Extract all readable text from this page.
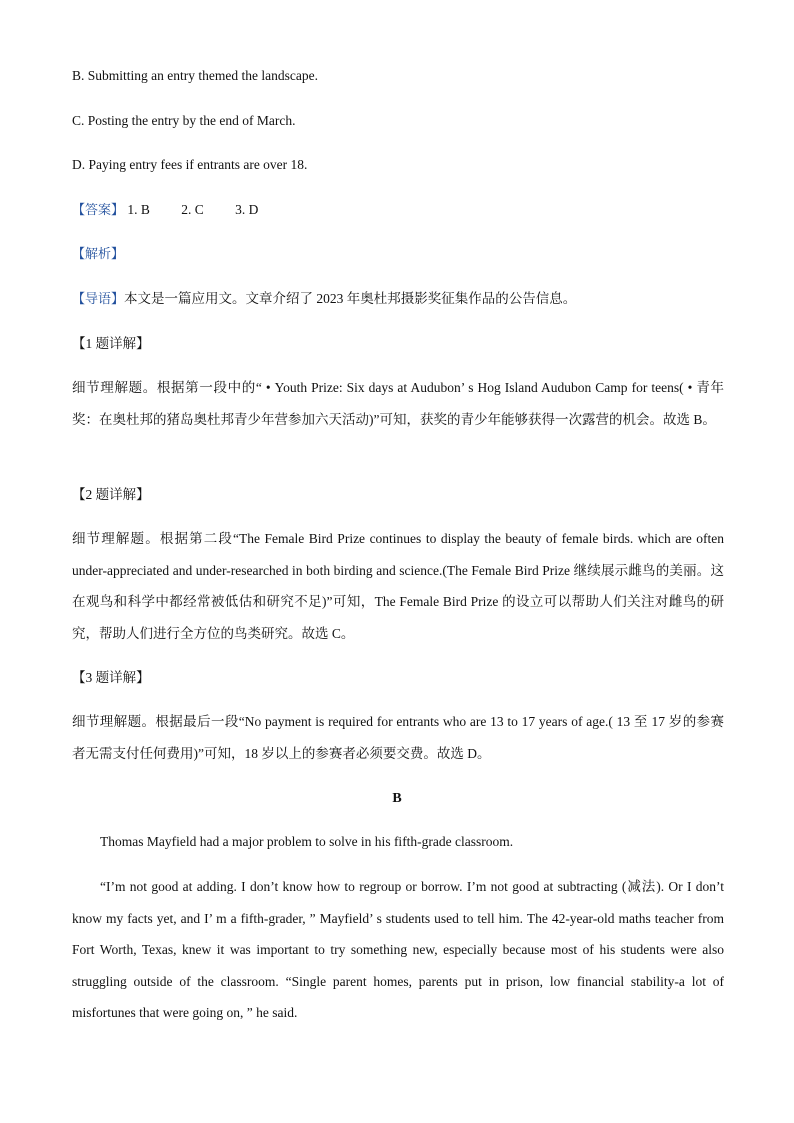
B. Submitting an entry themed the landscape.
C. Posting the entry by the end of March.
D. Paying entry fees if entrants are over 18.
【答案】 1. B 2. C 3. D
【解析】
【导语】本文是一篇应用文。文章介绍了 2023 年奥杜邦摄影奖征集作品的公告信息。
【1 题详解】
细节理解题。根据第一段中的“ • Youth Prize: Six days at Audubon’ s Hog Island Audubon Camp for teens( • 青年奖：在奥杜邦的猪岛奥杜邦青少年营参加六天活动)”可知，获奖的青少年能够获得一次露营的机会。故选 B。
【2 题详解】
细节理解题。根据第二段“The Female Bird Prize continues to display the beauty of female birds. which are often under-appreciated and under-researched in both birding and science.(The Female Bird Prize 继续展示雌鸟的美丽。这在观鸟和科学中都经常被低估和研究不足)”可知，The Female Bird Prize 的设立可以帮助人们关注对雌鸟的研究，帮助人们进行全方位的鸟类研究。故选 C。
【3 题详解】
细节理解题。根据最后一段“No payment is required for entrants who are 13 to 17 years of age.( 13 至 17 岁的参赛者无需支付任何费用)”可知，18 岁以上的参赛者必须要交费。故选 D。
B
Thomas Mayfield had a major problem to solve in his fifth-grade classroom.
“I’m not good at adding. I don’t know how to regroup or borrow. I’m not good at subtracting (减法). Or I don’t know my facts yet, and I’ m a fifth-grader, ” Mayfield’ s students used to tell him. The 42-year-old maths teacher from Fort Worth, Texas, knew it was important to try something new, especially because most of his students were also struggling outside of the classroom. “Single parent homes, parents put in prison, low financial stability-a lot of misfortunes that were going on, ” he said.
